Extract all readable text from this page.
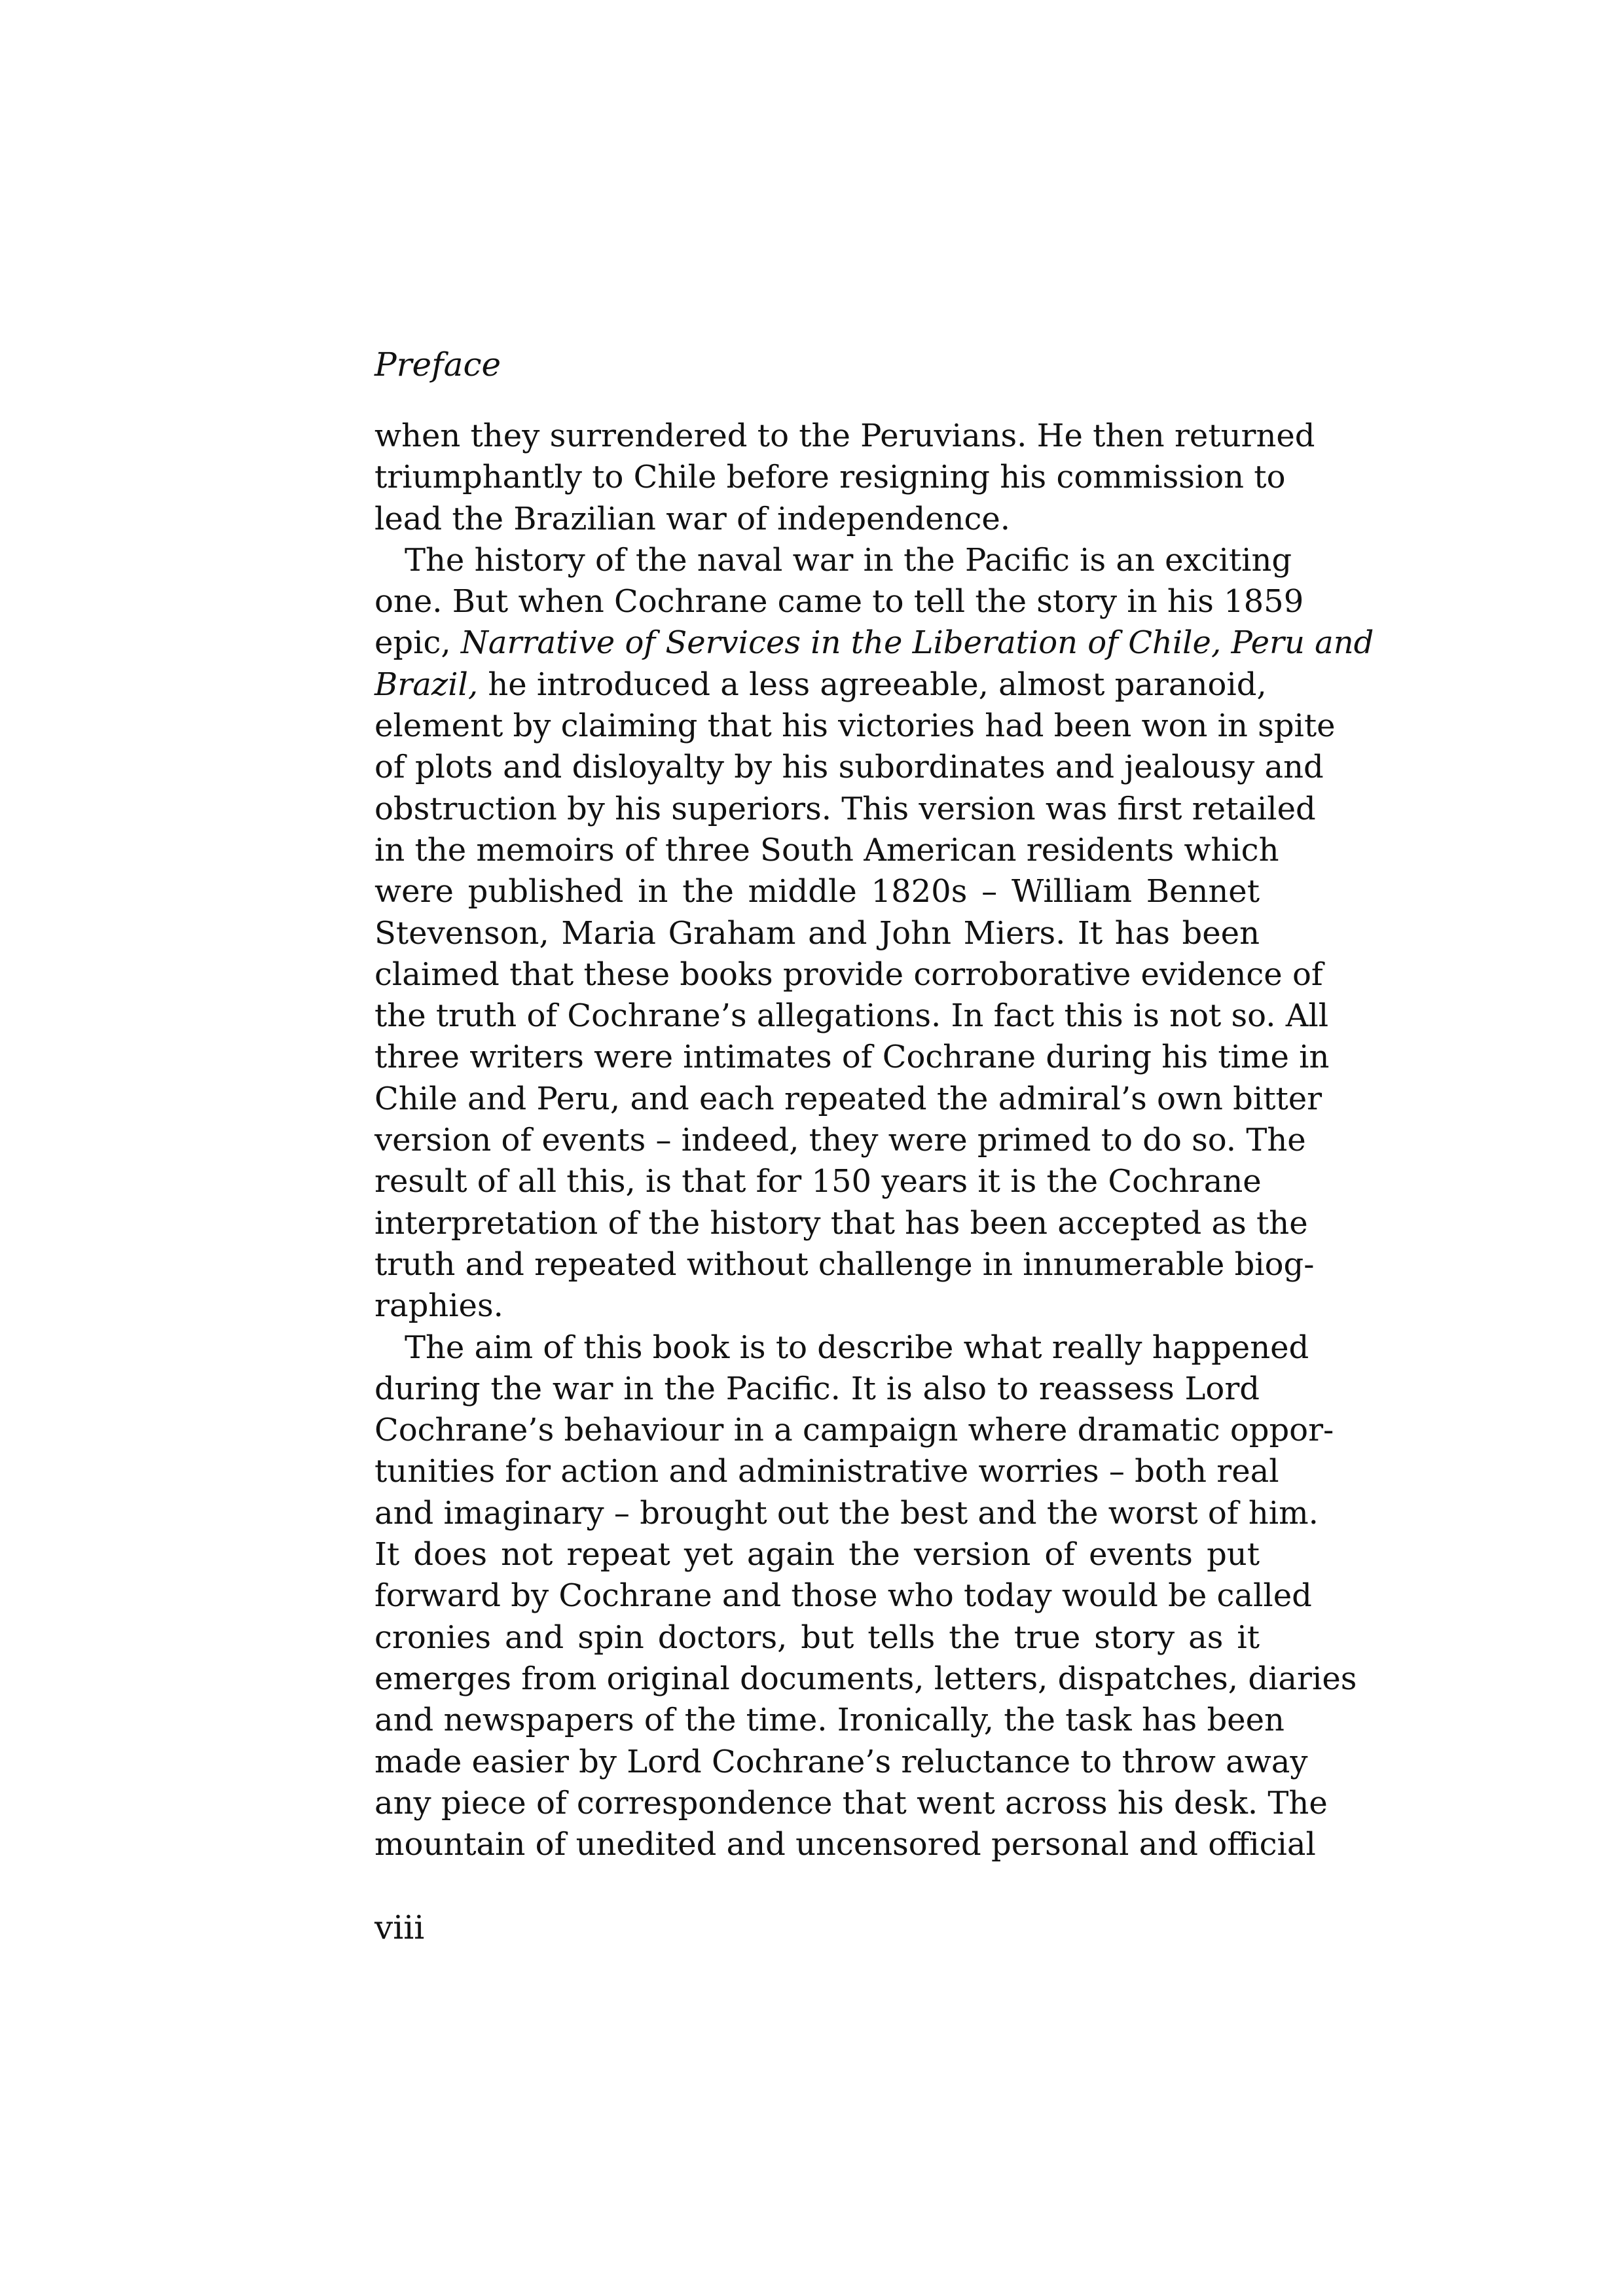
Preface
when they surrendered to the Peruvians. He then returned
triumphantly to Chile before resigning his commission to
lead the Brazilian war of independence.
The history of the naval war in the Pacific is an exciting
one. But when Cochrane came to tell the story in his 1859
epic, Narrative of Services in the Liberation of Chile, Peru and
Brazil, he introduced a less agreeable, almost paranoid,
element by claiming that his victories had been won in spite
of plots and disloyalty by his subordinates and jealousy and
obstruction by his superiors. This version was first retailed
in the memoirs of three South American residents which
were published in the middle 1820s – William Bennet
Stevenson, Maria Graham and John Miers. It has been
claimed that these books provide corroborative evidence of
the truth of Cochrane’s allegations. In fact this is not so. All
three writers were intimates of Cochrane during his time in
Chile and Peru, and each repeated the admiral’s own bitter
version of events – indeed, they were primed to do so. The
result of all this, is that for 150 years it is the Cochrane
interpretation of the history that has been accepted as the
truth and repeated without challenge in innumerable biog-
raphies.
The aim of this book is to describe what really happened
during the war in the Pacific. It is also to reassess Lord
Cochrane’s behaviour in a campaign where dramatic oppor-
tunities for action and administrative worries – both real
and imaginary – brought out the best and the worst of him.
It does not repeat yet again the version of events put
forward by Cochrane and those who today would be called
cronies and spin doctors, but tells the true story as it
emerges from original documents, letters, dispatches, diaries
and newspapers of the time. Ironically, the task has been
made easier by Lord Cochrane’s reluctance to throw away
any piece of correspondence that went across his desk. The
mountain of unedited and uncensored personal and official
viii
